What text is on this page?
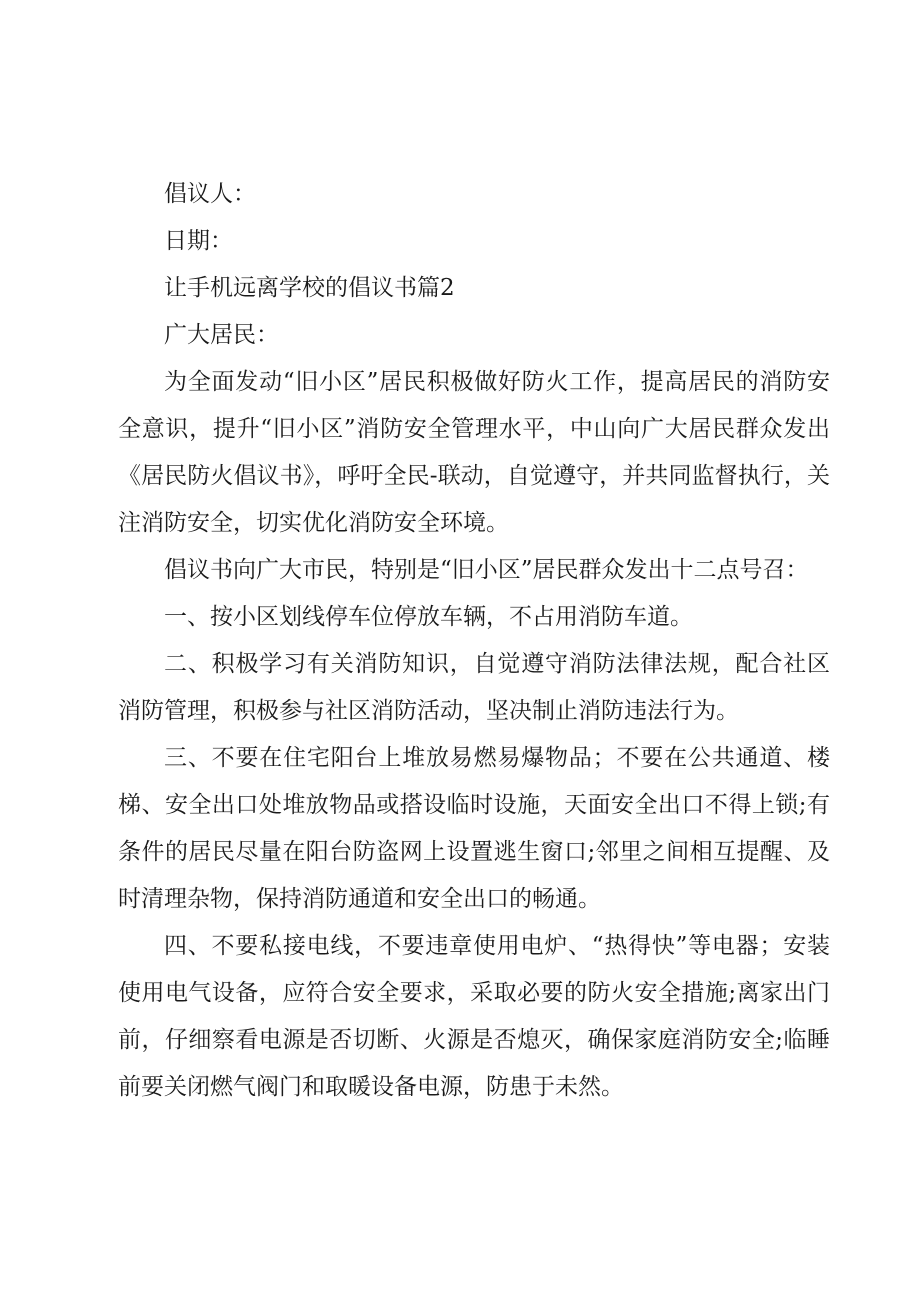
倡议人：

日期：

让手机远离学校的倡议书篇2

广大居民：

为全面发动“旧小区”居民积极做好防火工作，提高居民的消防安全意识，提升“旧小区”消防安全管理水平，中山向广大居民群众发出《居民防火倡议书》，呼吁全民-联动，自觉遵守，并共同监督执行，关注消防安全，切实优化消防安全环境。

倡议书向广大市民，特别是“旧小区”居民群众发出十二点号召：

一、按小区划线停车位停放车辆，不占用消防车道。

二、积极学习有关消防知识，自觉遵守消防法律法规，配合社区消防管理，积极参与社区消防活动，坚决制止消防违法行为。

三、不要在住宅阳台上堆放易燃易爆物品；不要在公共通道、楼梯、安全出口处堆放物品或搭设临时设施，天面安全出口不得上锁;有条件的居民尽量在阳台防盗网上设置逃生窗口;邻里之间相互提醒、及时清理杂物，保持消防通道和安全出口的畅通。

四、不要私接电线，不要违章使用电炉、“热得快”等电器；安装使用电气设备，应符合安全要求，采取必要的防火安全措施;离家出门前，仔细察看电源是否切断、火源是否熄灭，确保家庭消防安全;临睡前要关闭燃气阀门和取暖设备电源，防患于未然。
